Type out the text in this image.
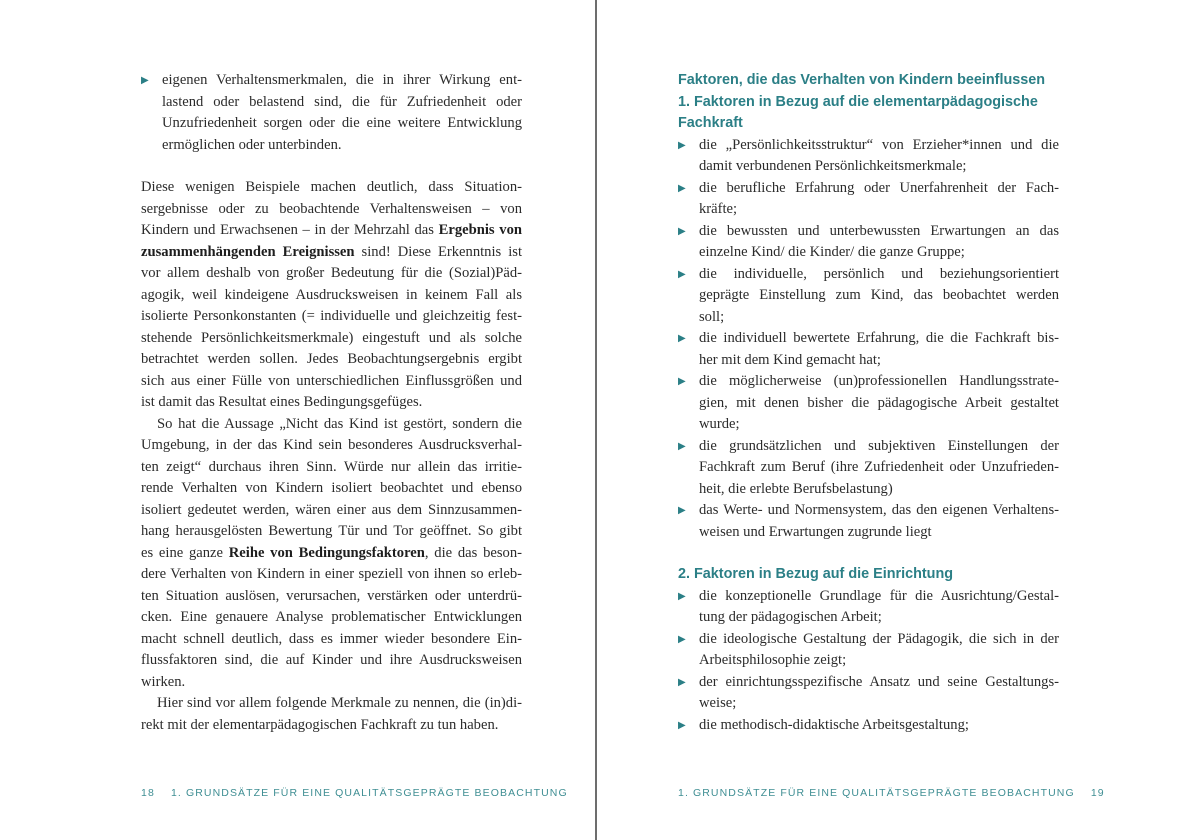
▶ eigenen Verhaltensmerkmalen, die in ihrer Wirkung ent-
lastend oder belastend sind, die für Zufriedenheit oder
Unzufriedenheit sorgen oder die eine weitere Entwicklung
ermöglichen oder unterbinden.
Diese wenigen Beispiele machen deutlich, dass Situation-
sergebnisse oder zu beobachtende Verhaltensweisen – von
Kindern und Erwachsenen – in der Mehrzahl das Ergebnis von
zusammenhängenden Ereignissen sind! Diese Erkenntnis ist
vor allem deshalb von großer Bedeutung für die (Sozial)Päd-
agogik, weil kindeigene Ausdrucksweisen in keinem Fall als
isolierte Personkonstanten (= individuelle und gleichzeitig fest-
stehende Persönlichkeitsmerkmale) eingestuft und als solche
betrachtet werden sollen. Jedes Beobachtungsergebnis ergibt
sich aus einer Fülle von unterschiedlichen Einflussgrößen und
ist damit das Resultat eines Bedingungsgefüges.
So hat die Aussage „Nicht das Kind ist gestört, sondern die
Umgebung, in der das Kind sein besonderes Ausdrucksverhal-
ten zeigt“ durchaus ihren Sinn. Würde nur allein das irritie-
rende Verhalten von Kindern isoliert beobachtet und ebenso
isoliert gedeutet werden, wären einer aus dem Sinnzusammen-
hang herausgelösten Bewertung Tür und Tor geöffnet. So gibt
es eine ganze Reihe von Bedingungsfaktoren, die das beson-
dere Verhalten von Kindern in einer speziell von ihnen so erleb-
ten Situation auslösen, verursachen, verstärken oder unterdrü-
cken. Eine genauere Analyse problematischer Entwicklungen
macht schnell deutlich, dass es immer wieder besondere Ein-
flussfaktoren sind, die auf Kinder und ihre Ausdrucksweisen
wirken.
Hier sind vor allem folgende Merkmale zu nennen, die (in)di-
rekt mit der elementarpädagogischen Fachkraft zu tun haben.
18 1. GRUNDSÄTZE FÜR EINE QUALITÄTSGEPRÄGTE BEOBACHTUNG
Faktoren, die das Verhalten von Kindern beeinflussen
1. Faktoren in Bezug auf die elementarpädagogische
Fachkraft
▶ die „Persönlichkeitsstruktur“ von Erzieher*innen und die
damit verbundenen Persönlichkeitsmerkmale;
▶ die berufliche Erfahrung oder Unerfahrenheit der Fach-
kräfte;
▶ die bewussten und unterbewussten Erwartungen an das
einzelne Kind/ die Kinder/ die ganze Gruppe;
▶ die individuelle, persönlich und beziehungsorientiert
geprägte Einstellung zum Kind, das beobachtet werden
soll;
▶ die individuell bewertete Erfahrung, die die Fachkraft bis-
her mit dem Kind gemacht hat;
▶ die möglicherweise (un)professionellen Handlungsstrate-
gien, mit denen bisher die pädagogische Arbeit gestaltet
wurde;
▶ die grundsätzlichen und subjektiven Einstellungen der
Fachkraft zum Beruf (ihre Zufriedenheit oder Unzufrieden-
heit, die erlebte Berufsbelastung)
▶ das Werte- und Normensystem, das den eigenen Verhaltens-
weisen und Erwartungen zugrunde liegt
2. Faktoren in Bezug auf die Einrichtung
▶ die konzeptionelle Grundlage für die Ausrichtung/Gestal-
tung der pädagogischen Arbeit;
▶ die ideologische Gestaltung der Pädagogik, die sich in der
Arbeitsphilosophie zeigt;
▶ der einrichtungsspezifische Ansatz und seine Gestaltungs-
weise;
▶ die methodisch-didaktische Arbeitsgestaltung;
1. GRUNDSÄTZE FÜR EINE QUALITÄTSGEPRÄGTE BEOBACHTUNG 19
